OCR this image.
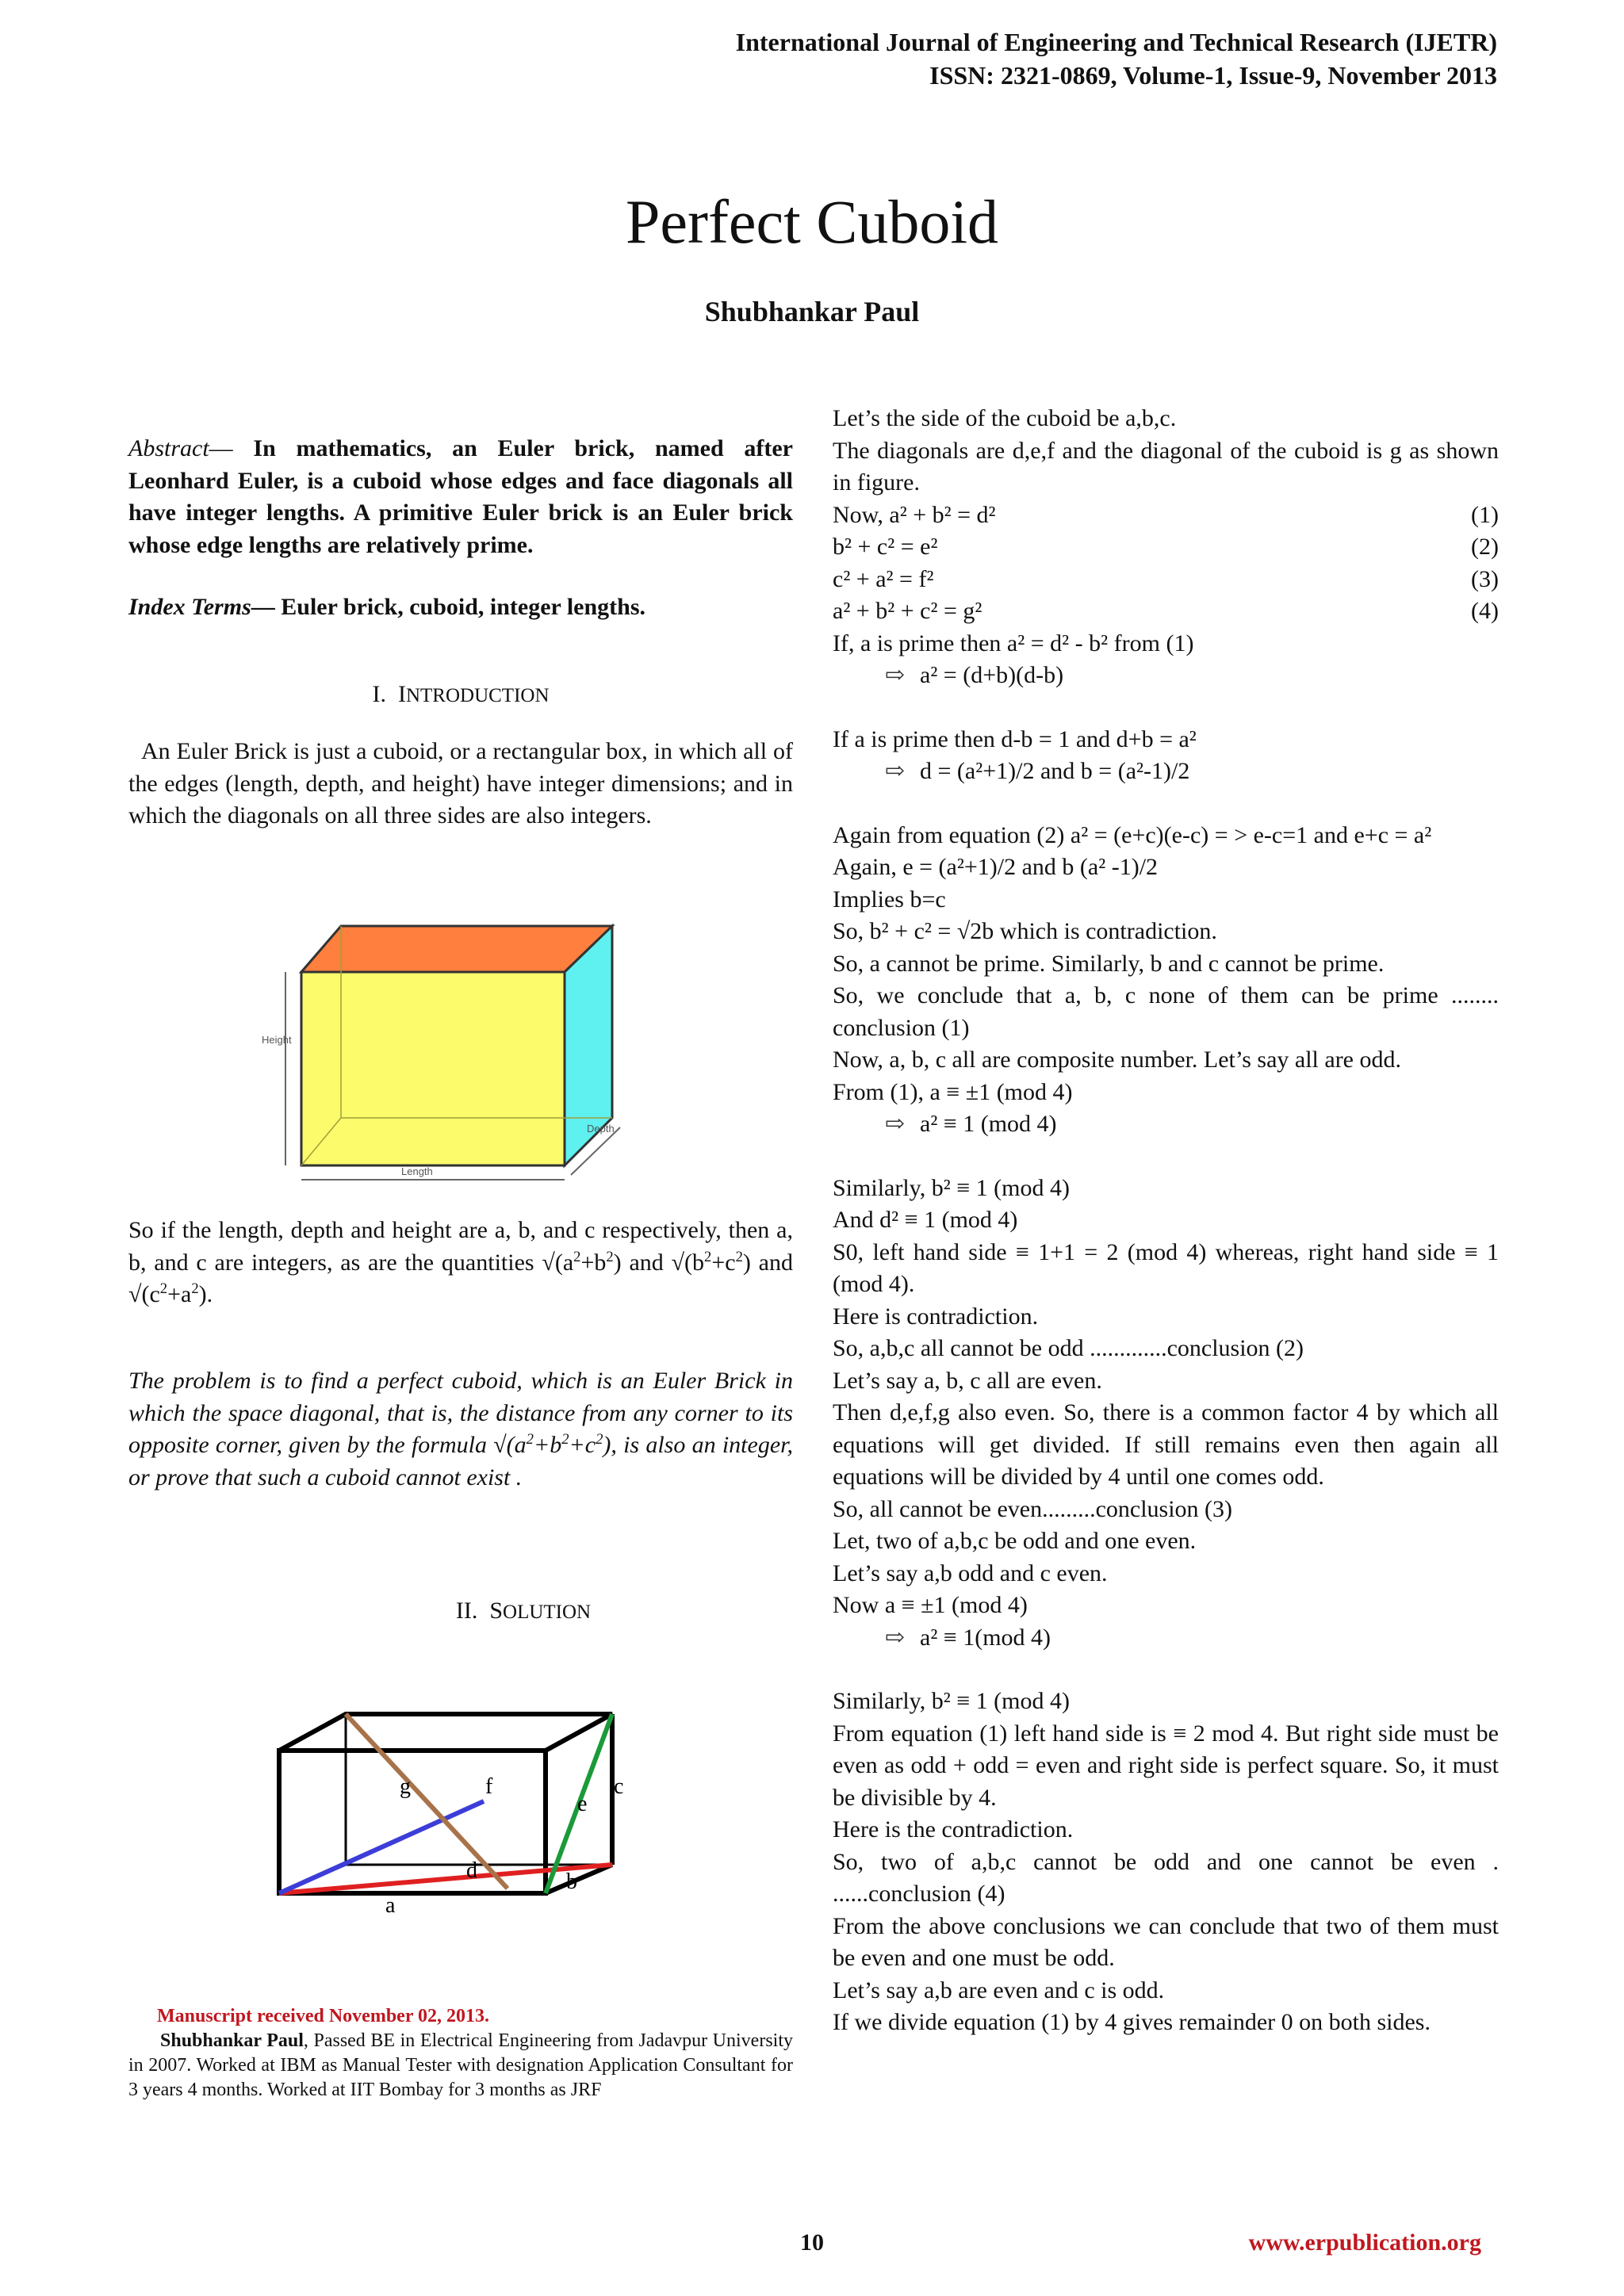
International Journal of Engineering and Technical Research (IJETR)
ISSN: 2321-0869, Volume-1, Issue-9, November 2013
Perfect Cuboid
Shubhankar Paul
Abstract— In mathematics, an Euler brick, named after Leonhard Euler, is a cuboid whose edges and face diagonals all have integer lengths. A primitive Euler brick is an Euler brick whose edge lengths are relatively prime.
Index Terms— Euler brick, cuboid, integer lengths.
I. INTRODUCTION
An Euler Brick is just a cuboid, or a rectangular box, in which all of the edges (length, depth, and height) have integer dimensions; and in which the diagonals on all three sides are also integers.
Height
Length
Depth
So if the length, depth and height are a, b, and c respectively, then a, b, and c are integers, as are the quantities $√(a^2+b^2)$ and $√(b^2+c^2)$ and $√(c^2+a^2)$.
The problem is to find a perfect cuboid, which is an Euler Brick in which the space diagonal, that is, the distance from any corner to its opposite corner, given by the formula $√(a^2+b^2+c^2)$, is also an integer, or prove that such a cuboid cannot exist .
II. SOLUTION
g	f
e
c
d	b
a
Manuscript received November 02, 2013.
Shubhankar Paul, Passed BE in Electrical Engineering from Jadavpur University in 2007. Worked at IBM as Manual Tester with designation Application Consultant for 3 years 4 months. Worked at IIT Bombay for 3 months as JRF
Let’s the side of the cuboid be a,b,c.
The diagonals are d,e,f and the diagonal of the cuboid is g as shown in figure.
Now, a² + b² = d²	(1)
b² + c² = e²	(2)
c² + a² = f²	(3)
a² + b² + c² = g²	(4)
If, a is prime then a² = d² - b² from (1)
⇨ a² = (d+b)(d-b)
If a is prime then d-b = 1 and d+b = a²
⇨ d = (a²+1)/2 and b = (a²-1)/2
Again from equation (2) a² = (e+c)(e-c) = > e-c=1 and e+c = a²
Again, e = (a²+1)/2 and b (a² -1)/2
Implies b=c
So, b² + c² = √2b which is contradiction.
So, a cannot be prime. Similarly, b and c cannot be prime.
So, we conclude that a, b, c none of them can be prime ........ conclusion (1)
Now, a, b, c all are composite number. Let’s say all are odd.
From (1), a ≡ ±1 (mod 4)
⇨ a² ≡ 1 (mod 4)
Similarly, b² ≡ 1 (mod 4)
And d² ≡ 1 (mod 4)
S0, left hand side ≡ 1+1 = 2 (mod 4) whereas, right hand side ≡ 1 (mod 4).
Here is contradiction.
So, a,b,c all cannot be odd .............conclusion (2)
Let’s say a, b, c all are even.
Then d,e,f,g also even. So, there is a common factor 4 by which all equations will get divided. If still remains even then again all equations will be divided by 4 until one comes odd.
So, all cannot be even.........conclusion (3)
Let, two of a,b,c be odd and one even.
Let’s say a,b odd and c even.
Now a ≡ ±1 (mod 4)
⇨ a² ≡ 1(mod 4)
Similarly, b² ≡ 1 (mod 4)
From equation (1) left hand side is ≡ 2 mod 4. But right side must be even as odd + odd = even and right side is perfect square. So, it must be divisible by 4.
Here is the contradiction.
So, two of a,b,c cannot be odd and one cannot be even . ......conclusion (4)
From the above conclusions we can conclude that two of them must be even and one must be odd.
Let’s say a,b are even and c is odd.
If we divide equation (1) by 4 gives remainder 0 on both sides.
10	www.erpublication.org
